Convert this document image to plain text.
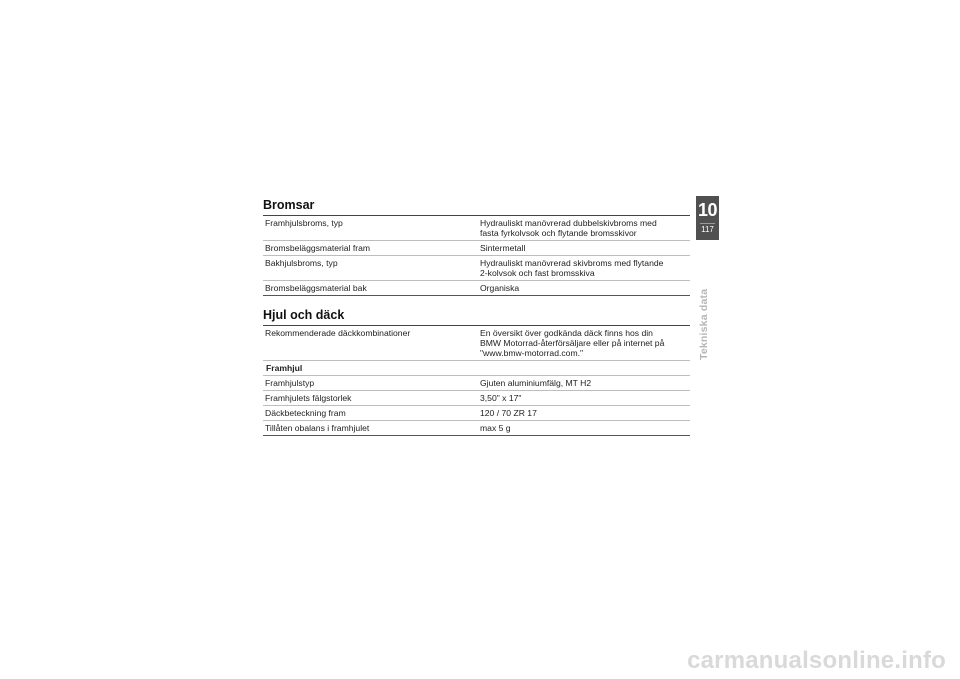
Bromsar
Framhjulsbroms, typ	Hydrauliskt manövrerad dubbelskivbroms med
fasta fyrkolvsok och flytande bromsskivor
Bromsbeläggsmaterial fram	Sintermetall
Bakhjulsbroms, typ	Hydrauliskt manövrerad skivbroms med flytande
2-kolvsok och fast bromsskiva
Bromsbeläggsmaterial bak	Organiska
Hjul och däck
Rekommenderade däckkombinationer	En översikt över godkända däck finns hos din
BMW Motorrad-återförsäljare eller på internet på
"www.bmw-motorrad.com."
Framhjul	
Framhjulstyp	Gjuten aluminiumfälg, MT H2
Framhjulets fälgstorlek	3,50" x 17"
Däckbeteckning fram	120 / 70 ZR 17
Tillåten obalans i framhjulet	max 5 g
10
117
Tekniska data
carmanualsonline.info
